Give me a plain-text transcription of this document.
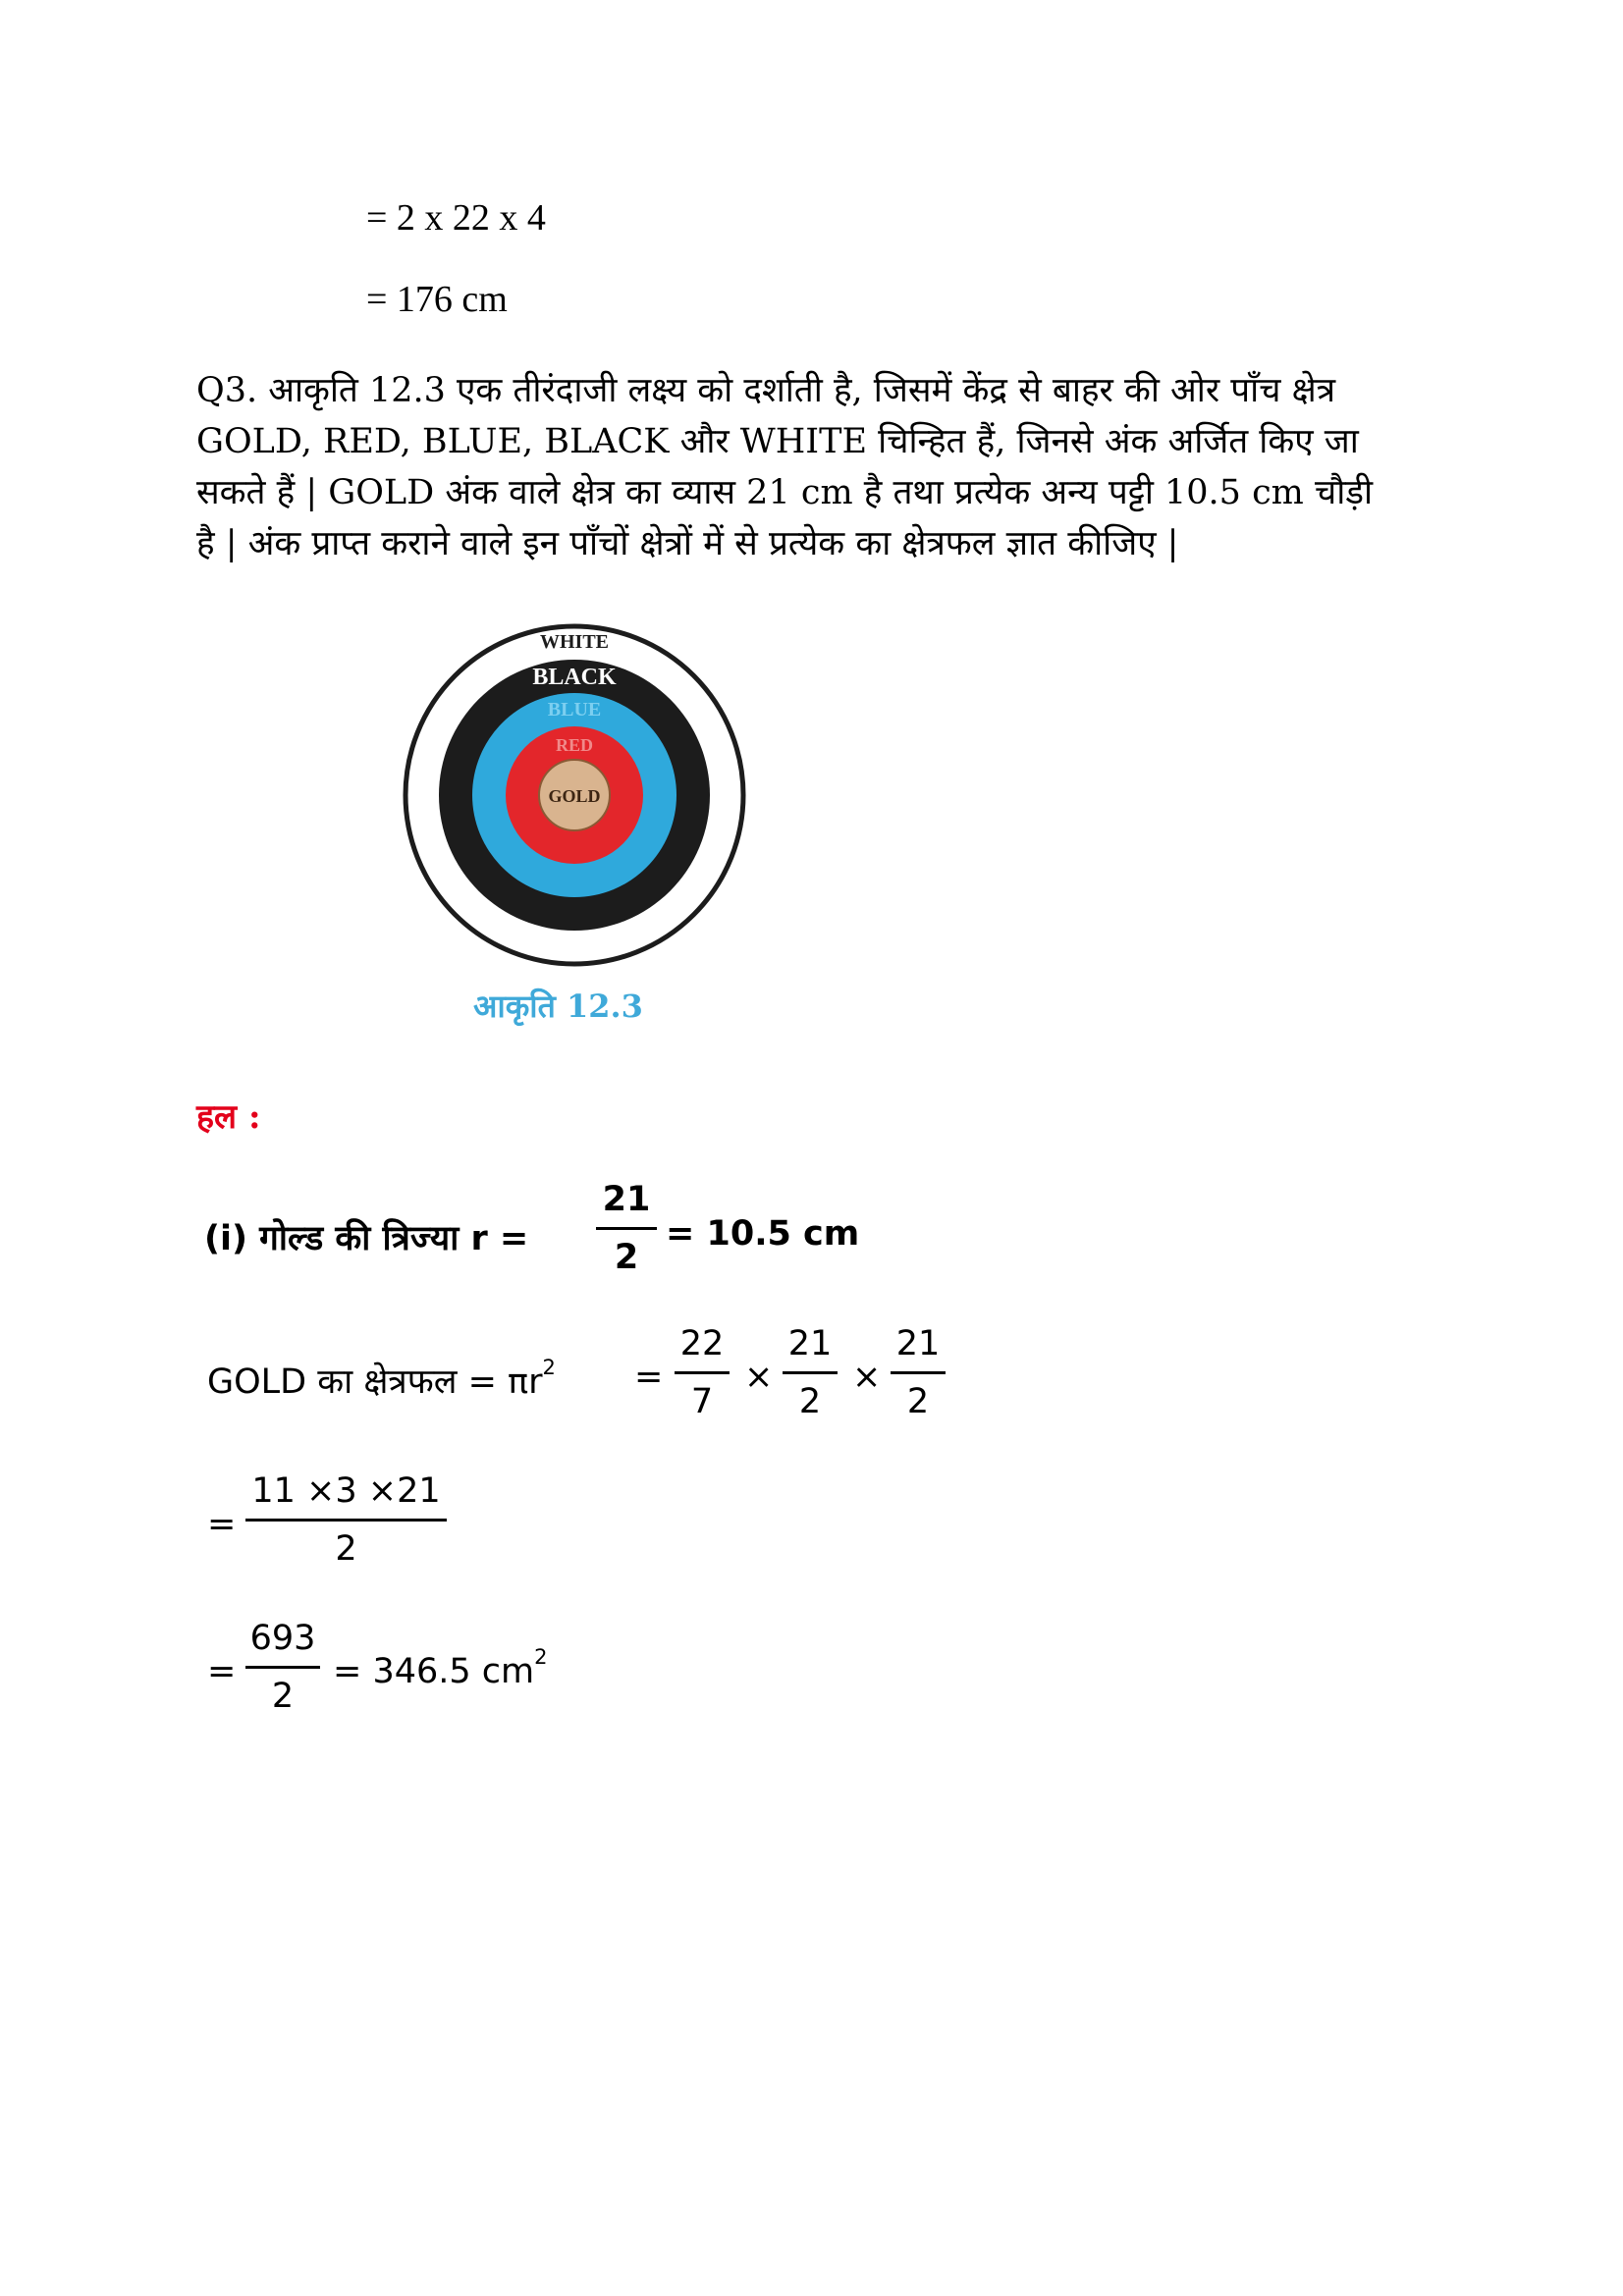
= 2 x 22 x 4
= 176 cm
Q3. आकृति 12.3 एक तीरंदाजी लक्ष्य को दर्शाती है, जिसमें केंद्र से बाहर की ओर पाँच क्षेत्र
GOLD, RED, BLUE, BLACK और WHITE चिन्हित हैं, जिनसे अंक अर्जित किए जा
सकते हैं | GOLD अंक वाले क्षेत्र का व्यास 21 cm है तथा प्रत्येक अन्य पट्टी 10.5 cm चौड़ी
है | अंक प्राप्त कराने वाले इन पाँचों क्षेत्रों में से प्रत्येक का क्षेत्रफल ज्ञात कीजिए |
WHITE
BLACK
BLUE
RED
GOLD
आकृति 12.3
हल :
(i) गोल्ड की त्रिज्या r =
21
2
= 10.5 cm
GOLD का क्षेत्रफल = $\pi r^2$ =
22
7
×
21
2
×
21
2
=
11 ×3 ×21
2
=
693
2
= 346.5 $cm^2$
